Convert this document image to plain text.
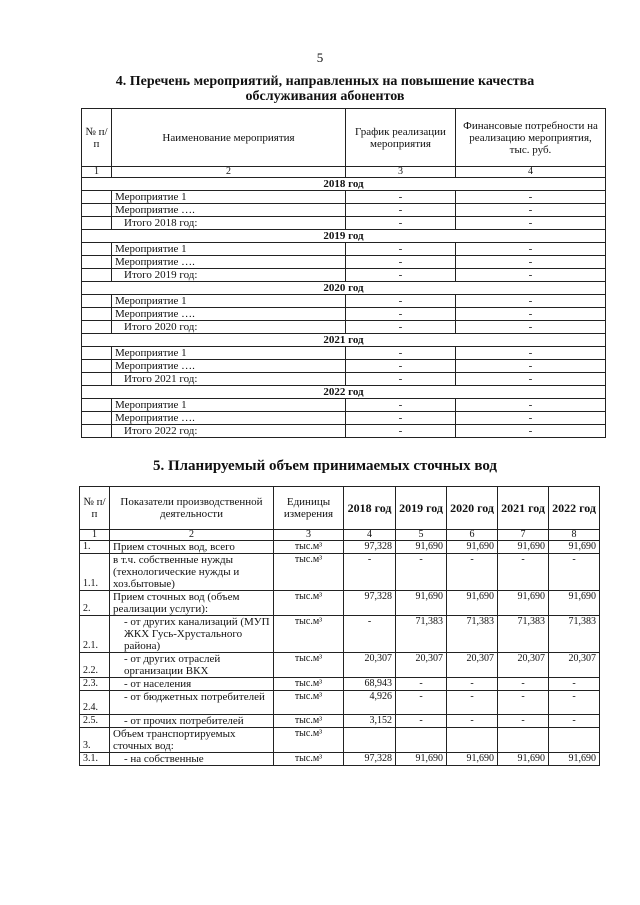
5
4. Перечень мероприятий, направленных на повышение качества обслуживания абонентов
№ п/п	Наименование мероприятия	График реализации мероприятия	Финансовые потребности на реализацию мероприятия, тыс. руб.
1	2	3	4
2018 год			
	Мероприятие 1	-	-
	Мероприятие ….	-	-
	Итого 2018 год:	-	-
2019 год			
	Мероприятие 1	-	-
	Мероприятие ….	-	-
	Итого 2019 год:	-	-
2020 год			
	Мероприятие 1	-	-
	Мероприятие ….	-	-
	Итого 2020 год:	-	-
2021 год			
	Мероприятие 1	-	-
	Мероприятие ….	-	-
	Итого 2021 год:	-	-
2022 год			
	Мероприятие 1	-	-
	Мероприятие ….	-	-
	Итого 2022 год:	-	-
5. Планируемый объем принимаемых сточных вод
№ п/п	Показатели производственной деятельности	Единицы измерения	2018 год	2019 год	2020 год	2021 год	2022 год
1	2	3	4	5	6	7	8
1.	Прием сточных вод, всего	тыс.м³	97,328	91,690	91,690	91,690	91,690
1.1.	в т.ч. собственные нужды (технологические нужды и хоз.бытовые)	тыс.м³	-	-	-	-	-
2.	Прием сточных вод (объем реализации услуги):	тыс.м³	97,328	91,690	91,690	91,690	91,690
2.1.	- от других канализаций (МУП ЖКХ Гусь-Хрустального района)	тыс.м³	-	71,383	71,383	71,383	71,383
2.2.	- от других отраслей организации ВКХ	тыс.м³	20,307	20,307	20,307	20,307	20,307
2.3.	- от населения	тыс.м³	68,943	-	-	-	-
2.4.	- от бюджетных потребителей	тыс.м³	4,926	-	-	-	-
2.5.	- от прочих потребителей	тыс.м³	3,152	-	-	-	-
3.	Объем транспортируемых сточных вод:	тыс.м³					
3.1.	- на собственные	тыс.м³	97,328	91,690	91,690	91,690	91,690
